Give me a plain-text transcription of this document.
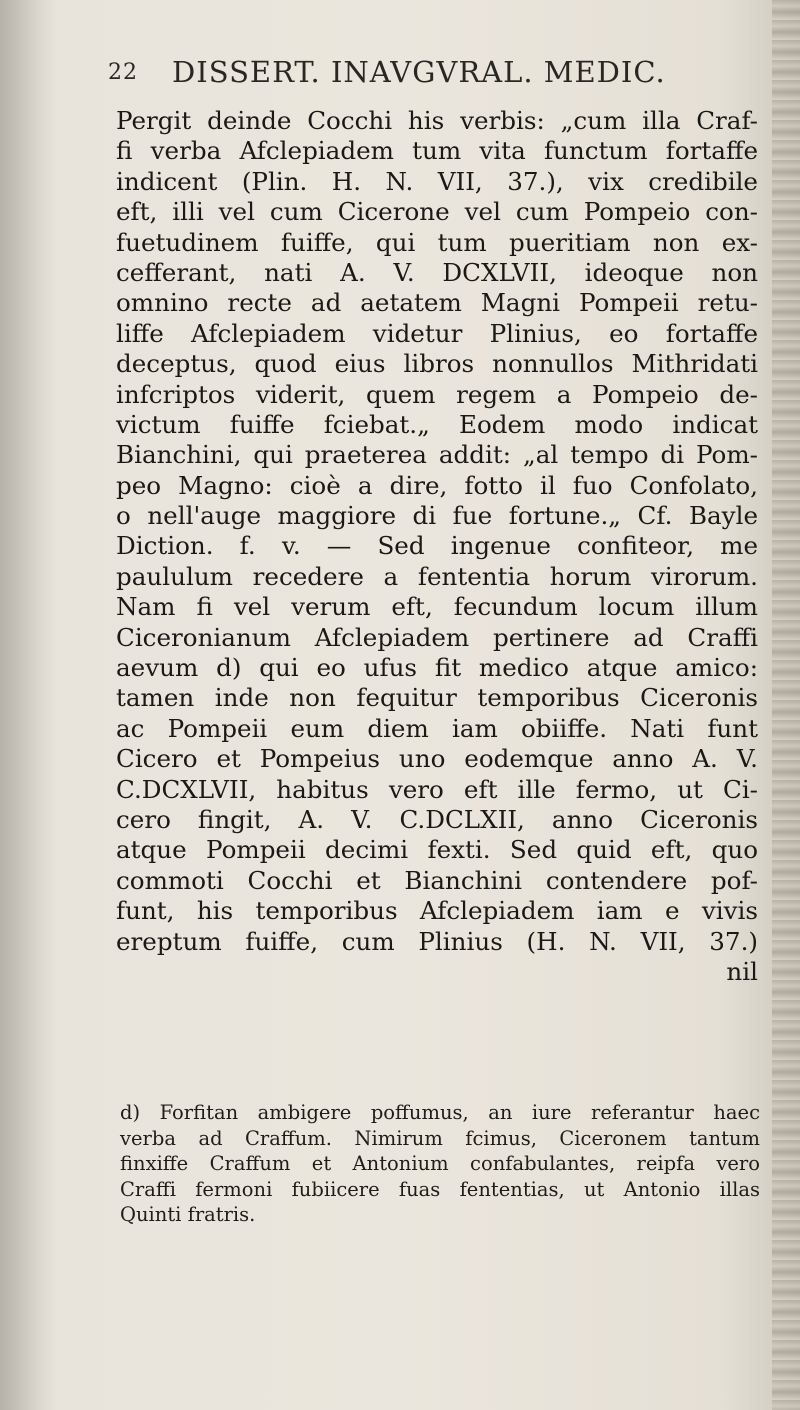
22	DISSERT. INAVGVRAL. MEDIC.
Pergit deinde Cocchi his verbis: „cum illa Craf-
fi verba Afclepiadem tum vita functum fortaffe
indicent (Plin. H. N. VII, 37.), vix credibile
eft, illi vel cum Cicerone vel cum Pompeio con-
fuetudinem fuiffe, qui tum pueritiam non ex-
cefferant, nati A. V. DCXLVII, ideoque non
omnino recte ad aetatem Magni Pompeii retu-
liffe Afclepiadem videtur Plinius, eo fortaffe
deceptus, quod eius libros nonnullos Mithridati
infcriptos viderit, quem regem a Pompeio de-
victum fuiffe fciebat.„ Eodem modo indicat
Bianchini, qui praeterea addit: „al tempo di Pom-
peo Magno: cioè a dire, fotto il fuo Confolato,
o nell'auge maggiore di fue fortune.„ Cf. Bayle
Diction. f. v. — Sed ingenue confiteor, me
paululum recedere a fententia horum virorum.
Nam fi vel verum eft, fecundum locum illum
Ciceronianum Afclepiadem pertinere ad Craffi
aevum d) qui eo ufus fit medico atque amico:
tamen inde non fequitur temporibus Ciceronis
ac Pompeii eum diem iam obiiffe. Nati funt
Cicero et Pompeius uno eodemque anno A. V.
C.DCXLVII, habitus vero eft ille fermo, ut Ci-
cero fingit, A. V. C.DCLXII, anno Ciceronis
atque Pompeii decimi fexti. Sed quid eft, quo
commoti Cocchi et Bianchini contendere pof-
funt, his temporibus Afclepiadem iam e vivis
ereptum fuiffe, cum Plinius (H. N. VII, 37.)
nil
d) Forfitan ambigere poffumus, an iure referantur haec
verba ad Craffum. Nimirum fcimus, Ciceronem tantum
finxiffe Craffum et Antonium confabulantes, reipfa vero
Craffi fermoni fubiicere fuas fententias, ut Antonio illas
Quinti fratris.
